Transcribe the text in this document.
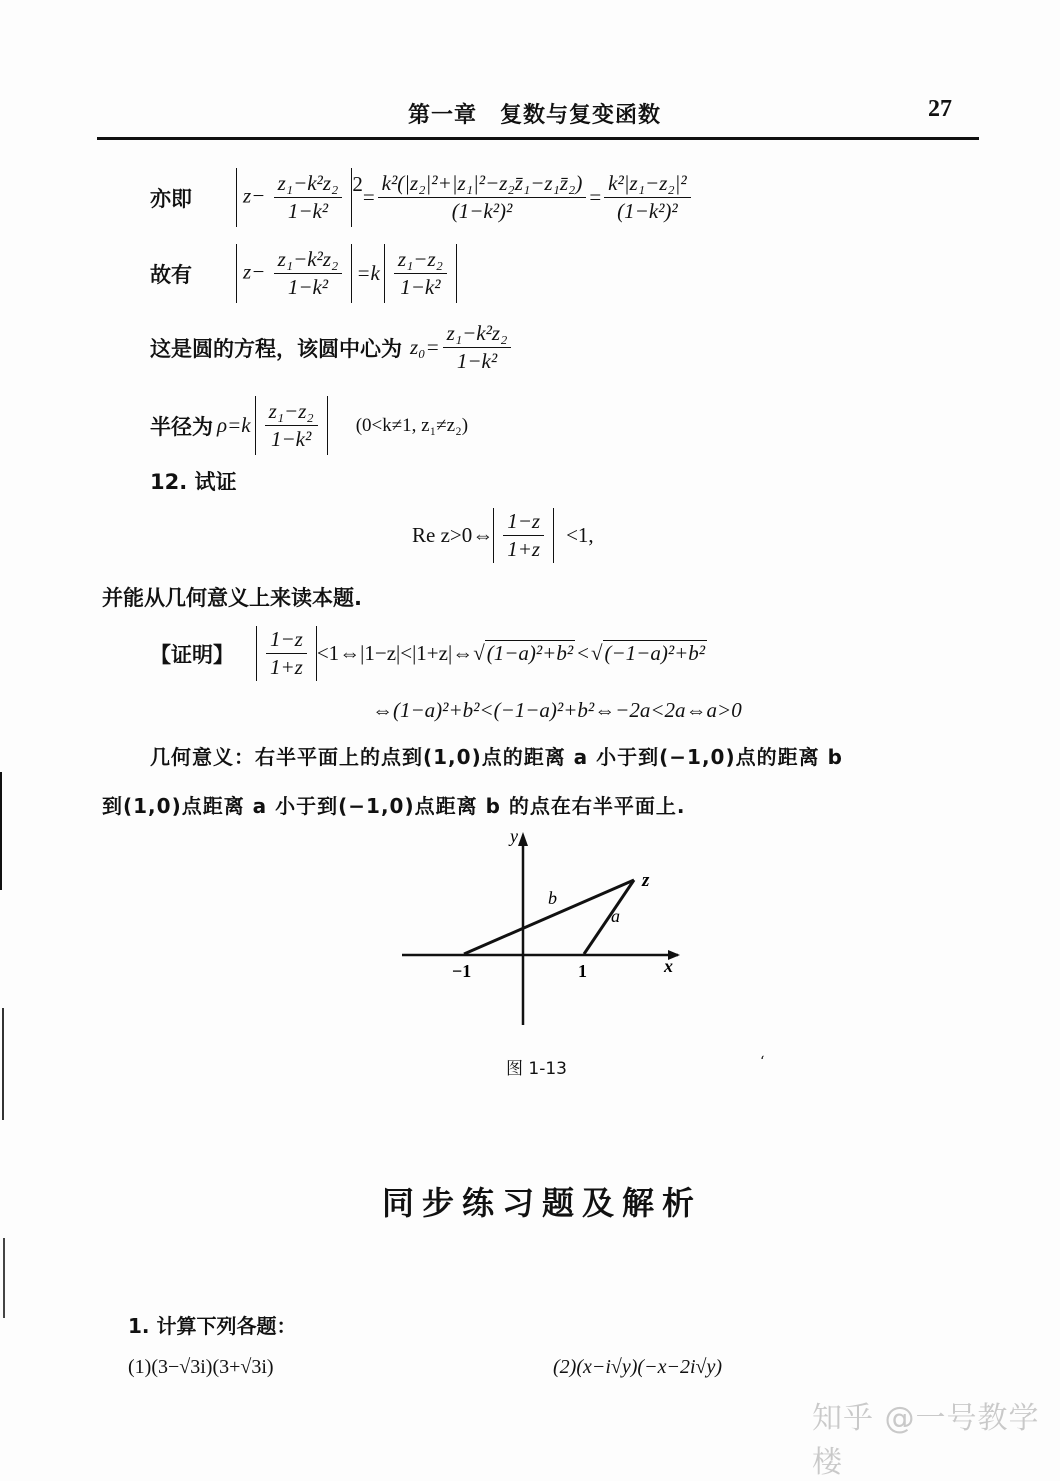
第一章　复数与复变函数	27
亦即	$z- \frac{\text{z₁−k²z₂}}{\text{1−k²}} 2$
= $\frac{\text{k²(|z₂|²+|z₁|²−z₂z̄₁−z₁z̄₂)}}{\text{(1−k²)²}} = \frac{\text{k²|z₁−z₂|²}}{\text{(1−k²)²}}$
故有	$z- \frac{\text{z₁−k²z₂}}{\text{1−k²}} =k \frac{\text{z₁−z₂}}{\text{1−k²}}$
这是圆的方程，该圆中心为 $z_0= \frac{\text{z₁−k²z₂}}{\text{1−k²}}$
半径为 $\rho=k \frac{\text{z₁−z₂}}{\text{1−k²}} (0<k\ne 1$, z₁≠z₂)
12. 试证
Re z>0⇔ $\frac{1-z}{1+z} <1$,
并能从几何意义上来读本题.
【证明】	$\frac{1-z}{1+z}$ <1⇔|1−z|<|1+z|⇔ √(1−a)²+b² < √(−1−a)²+b²
⇔(1−a)²+b²<(−1−a)²+b²⇔−2a<2a⇔a>0
几何意义：右半平面上的点到(1,0)点的距离 a 小于到(−1,0)点的距离 b
到(1,0)点距离 a 小于到(−1,0)点距离 b 的点在右半平面上.
y
x
z
−1	1
b
a
图 1-13	ʻ
同步练习题及解析
1. 计算下列各题：
(1)(3−√3i)(3+√3i)	(2)(x−i√y)(−x−2i√y)
知乎 @一号教学楼
